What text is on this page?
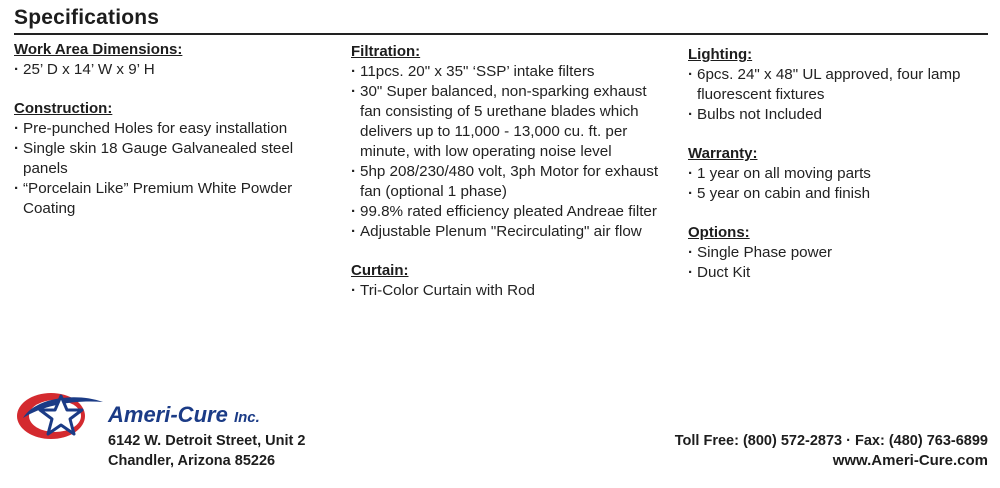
Specifications
Work Area Dimensions:
· 25’ D x 14’ W x 9’ H
Construction:
· Pre-punched Holes for easy installation
· Single skin 18 Gauge Galvanealed steel panels
· “Porcelain Like” Premium White Powder Coating
Filtration:
· 11pcs. 20" x 35" ‘SSP’ intake filters
· 30" Super balanced, non-sparking exhaust fan consisting of 5 urethane blades which delivers up to 11,000 - 13,000 cu. ft. per minute, with low operating noise level
· 5hp 208/230/480 volt, 3ph Motor for exhaust fan (optional 1 phase)
· 99.8% rated efficiency pleated Andreae filter
· Adjustable Plenum "Recirculating" air flow
Curtain:
· Tri-Color Curtain with Rod
Lighting:
· 6pcs. 24" x 48" UL approved, four lamp fluorescent fixtures
· Bulbs not Included
Warranty:
· 1 year on all moving parts
· 5 year on cabin and finish
Options:
· Single Phase power
· Duct Kit
Ameri-Cure Inc.
6142 W. Detroit Street, Unit 2
Chandler, Arizona 85226
Toll Free: (800) 572-2873 · Fax: (480) 763-6899
www.Ameri-Cure.com
